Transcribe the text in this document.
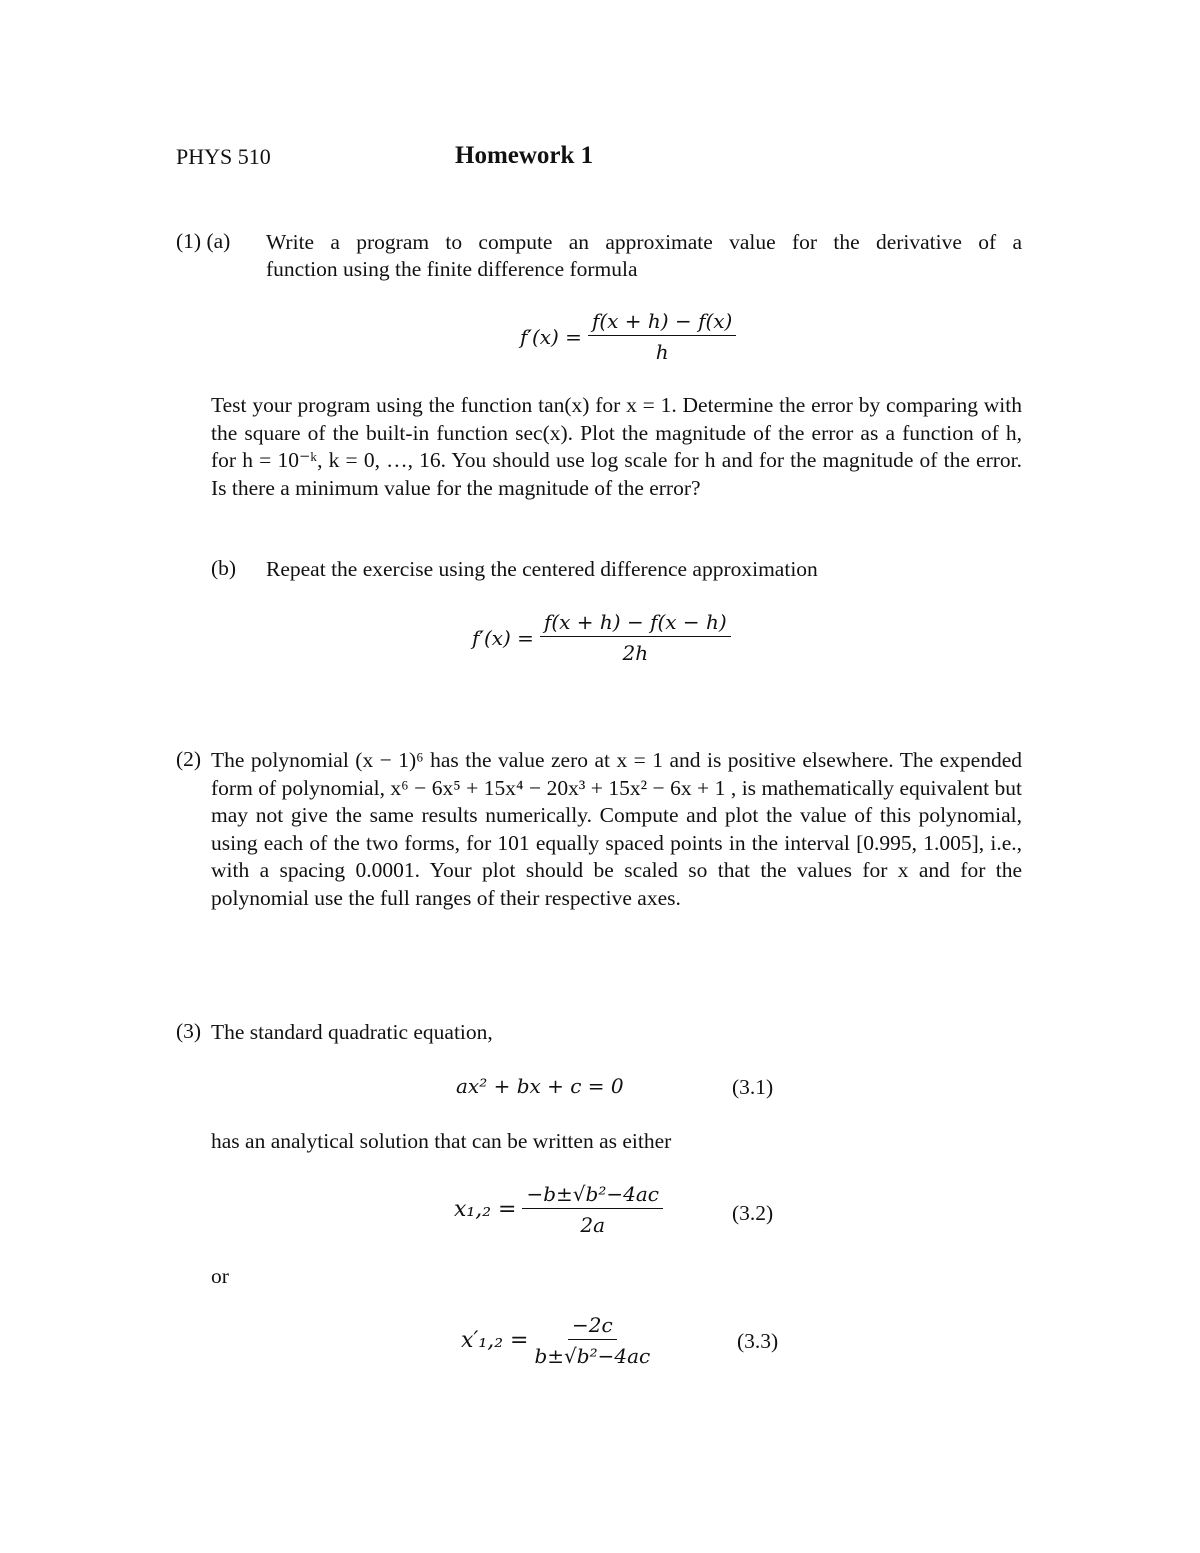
PHYS 510	Homework 1
(1) (a) Write a program to compute an approximate value for the derivative of a
function using the finite difference formula
$f'(x) = \frac{f(x + h) - f(x)}{h}$
Test your program using the function tan(x) for x = 1. Determine the error by comparing with the square of the built-in function sec(x). Plot the magnitude of the error as a function of h, for h = 10⁻ᵏ, k = 0, …, 16. You should use log scale for h and for the magnitude of the error. Is there a minimum value for the magnitude of the error?
(b) Repeat the exercise using the centered difference approximation
$f'(x) = \frac{f(x + h) - f(x - h)}{2h}$
(2) The polynomial (x − 1)⁶ has the value zero at x = 1 and is positive elsewhere. The expended form of polynomial, x⁶ − 6x⁵ + 15x⁴ − 20x³ + 15x² − 6x + 1 , is mathematically equivalent but may not give the same results numerically. Compute and plot the value of this polynomial, using each of the two forms, for 101 equally spaced points in the interval [0.995, 1.005], i.e., with a spacing 0.0001. Your plot should be scaled so that the values for x and for the polynomial use the full ranges of their respective axes.
(3) The standard quadratic equation,
ax² + bx + c = 0	(3.1)
has an analytical solution that can be written as either
$x_1,_2 = \frac{\text{−b±√b²−4ac}}{2a}$	(3.2)
or
$x'_1,_2 = \frac{-2c}{\text{b±√b²−4ac}}$	(3.3)
